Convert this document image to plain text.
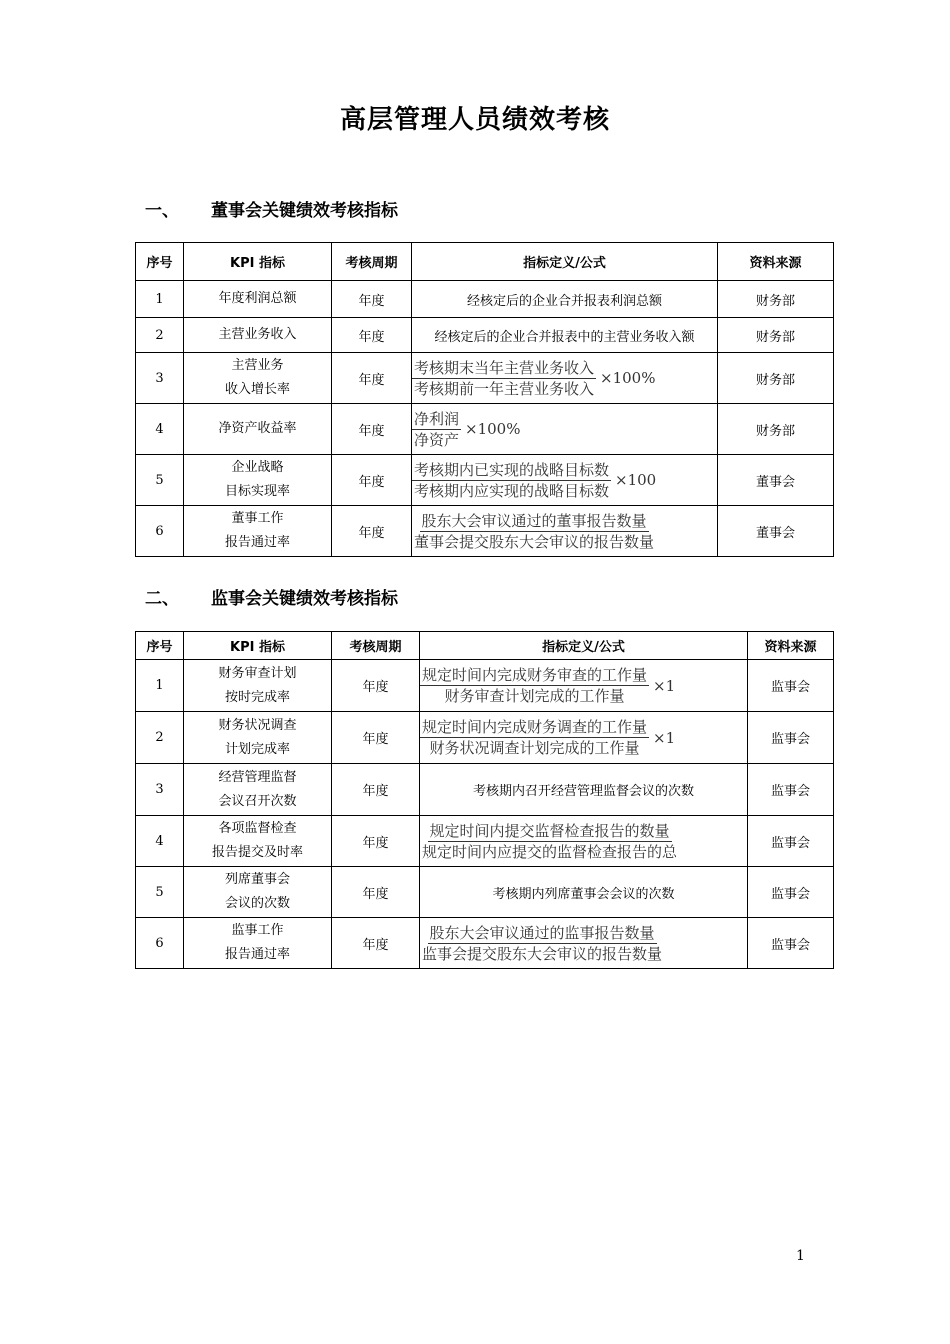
高层管理人员绩效考核
一、 董事会关键绩效考核指标
序号	KPI 指标	考核周期	指标定义/公式	资料来源
1	年度利润总额	年度	经核定后的企业合并报表利润总额	财务部
2	主营业务收入	年度	经核定后的企业合并报表中的主营业务收入额	财务部
3	主营业务
收入增长率	年度	$\frac{\text{考核期末当年主营业务收入}}{\text{考核期前一年主营业务收入}} \times 100\%$	财务部
4	净资产收益率	年度	$\frac{\text{净利润}}{\text{净资产}} \times 100\%$	财务部
5	企业战略
目标实现率	年度	$\frac{\text{考核期内已实现的战略目标数}}{\text{考核期内应实现的战略目标数}} \times 100$	董事会
6	董事工作
报告通过率	年度	$\frac{\text{股东大会审议通过的董事报告数量}}{\text{董事会提交股东大会审议的报告数量}}$	董事会
二、 监事会关键绩效考核指标
序号	KPI 指标	考核周期	指标定义/公式	资料来源
1	财务审查计划
按时完成率	年度	$\frac{\text{规定时间内完成财务审查的工作量}}{\text{财务审查计划完成的工作量}} \times 1$	监事会
2	财务状况调查
计划完成率	年度	$\frac{\text{规定时间内完成财务调查的工作量}}{\text{财务状况调查计划完成的工作量}} \times 1$	监事会
3	经营管理监督
会议召开次数	年度	考核期内召开经营管理监督会议的次数	监事会
4	各项监督检查
报告提交及时率	年度	$\frac{\text{规定时间内提交监督检查报告的数量}}{\text{规定时间内应提交的监督检查报告的总}}$	监事会
5	列席董事会
会议的次数	年度	考核期内列席董事会会议的次数	监事会
6	监事工作
报告通过率	年度	$\frac{\text{股东大会审议通过的监事报告数量}}{\text{监事会提交股东大会审议的报告数量}}$	监事会
1
